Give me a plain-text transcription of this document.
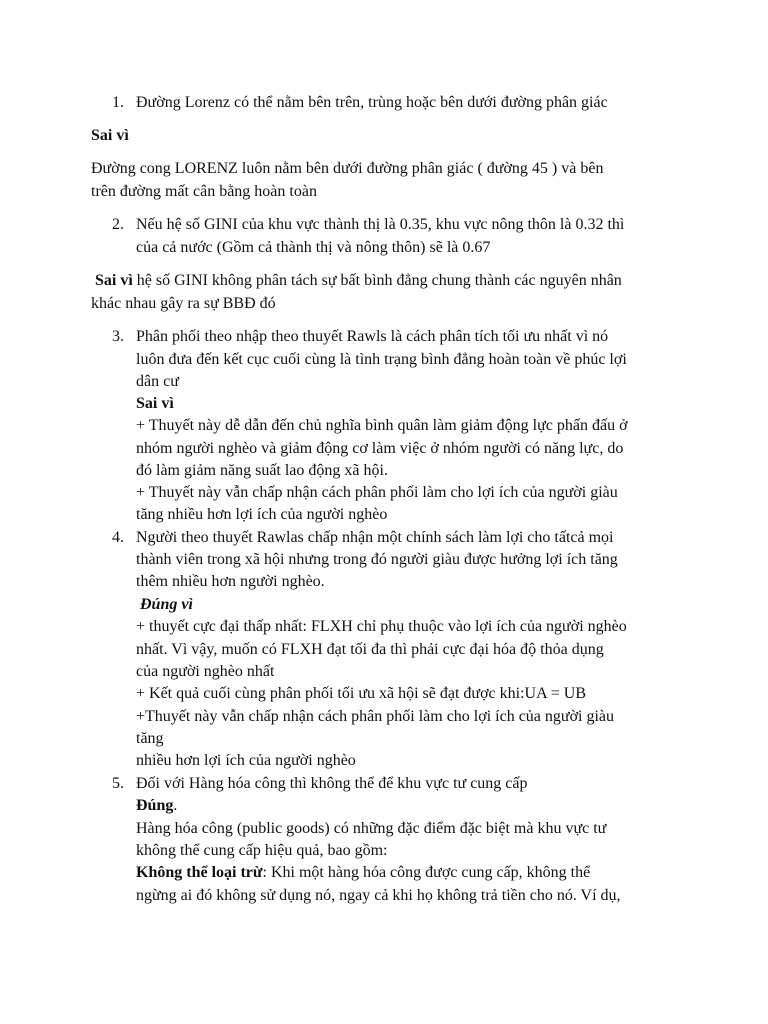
1. Đường Lorenz có thể nằm bên trên, trùng hoặc bên dưới đường phân giác
Sai vì
Đường cong LORENZ luôn nằm bên dưới đường phân giác ( đường 45 ) và bên
trên đường mất cân bằng hoàn toàn
2. Nếu hệ số GINI của khu vực thành thị là 0.35, khu vực nông thôn là 0.32 thì
của cả nước (Gồm cả thành thị và nông thôn) sẽ là 0.67
Sai vì hệ số GINI không phân tách sự bất bình đẳng chung thành các nguyên nhân
khác nhau gây ra sự BBĐ đó
3. Phân phối theo nhập theo thuyết Rawls là cách phân tích tối ưu nhất vì nó
luôn đưa đến kết cục cuối cùng là tình trạng bình đẳng hoàn toàn về phúc lợi
dân cư
Sai vì
+ Thuyết này dễ dẫn đến chủ nghĩa bình quân làm giảm động lực phấn đấu ở
nhóm người nghèo và giảm động cơ làm việc ở nhóm người có năng lực, do
đó làm giảm năng suất lao động xã hội.
+ Thuyết này vẫn chấp nhận cách phân phối làm cho lợi ích của người giàu
tăng nhiều hơn lợi ích của người nghèo
4. Người theo thuyết Rawlas chấp nhận một chính sách làm lợi cho tấtcả mọi
thành viên trong xã hội nhưng trong đó người giàu được hưởng lợi ích tăng
thêm nhiều hơn người nghèo.
Đúng vì
+ thuyết cực đại thấp nhất: FLXH chỉ phụ thuộc vào lợi ích của người nghèo
nhất. Vì vậy, muốn có FLXH đạt tối đa thì phải cực đại hóa độ thỏa dụng
của người nghèo nhất
+ Kết quả cuối cùng phân phối tối ưu xã hội sẽ đạt được khi:UA = UB
+Thuyết này vẫn chấp nhận cách phân phối làm cho lợi ích của người giàu
tăng
nhiều hơn lợi ích của người nghèo
5. Đối với Hàng hóa công thì không thể để khu vực tư cung cấp
Đúng.
Hàng hóa công (public goods) có những đặc điểm đặc biệt mà khu vực tư
không thể cung cấp hiệu quả, bao gồm:
Không thể loại trừ: Khi một hàng hóa công được cung cấp, không thể
ngừng ai đó không sử dụng nó, ngay cả khi họ không trả tiền cho nó. Ví dụ,
